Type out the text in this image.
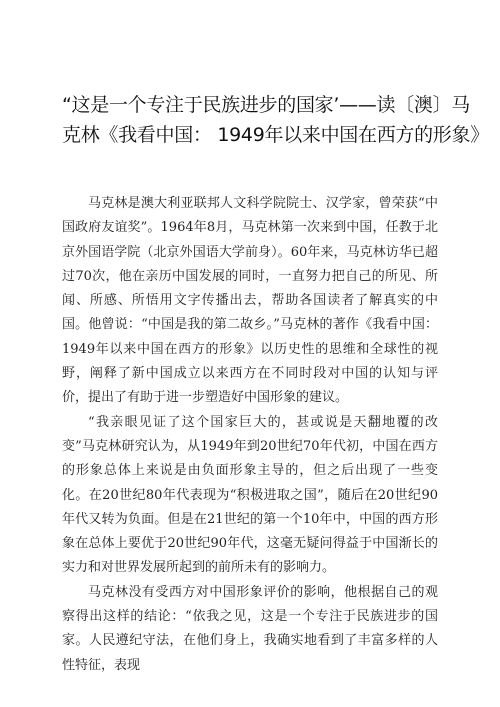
“这是一个专注于民族进步的国家’——读〔澳〕马
克林《我看中国： 1949年以来中国在西方的形象》

马克林是澳大利亚联邦人文科学院院士、汉学家，曾荣获“中国政府友谊奖”。1964年8月，马克林第一次来到中国，任教于北京外国语学院（北京外国语大学前身）。60年来，马克林访华已超过70次，他在亲历中国发展的同时，一直努力把自己的所见、所闻、所感、所悟用文字传播出去，帮助各国读者了解真实的中国。他曾说：“中国是我的第二故乡。”马克林的著作《我看中国：1949年以来中国在西方的形象》以历史性的思维和全球性的视野，阐释了新中国成立以来西方在不同时段对中国的认知与评价，提出了有助于进一步塑造好中国形象的建议。

“我亲眼见证了这个国家巨大的，甚或说是天翻地覆的改变”马克林研究认为，从1949年到20世纪70年代初，中国在西方的形象总体上来说是由负面形象主导的，但之后出现了一些变化。在20世纪80年代表现为“积极进取之国”，随后在20世纪90年代又转为负面。但是在21世纪的第一个10年中，中国的西方形象在总体上要优于20世纪90年代，这毫无疑问得益于中国渐长的实力和对世界发展所起到的前所未有的影响力。

马克林没有受西方对中国形象评价的影响，他根据自己的观察得出这样的结论：“依我之见，这是一个专注于民族进步的国家。人民遵纪守法，在他们身上，我确实地看到了丰富多样的人性特征，表现
